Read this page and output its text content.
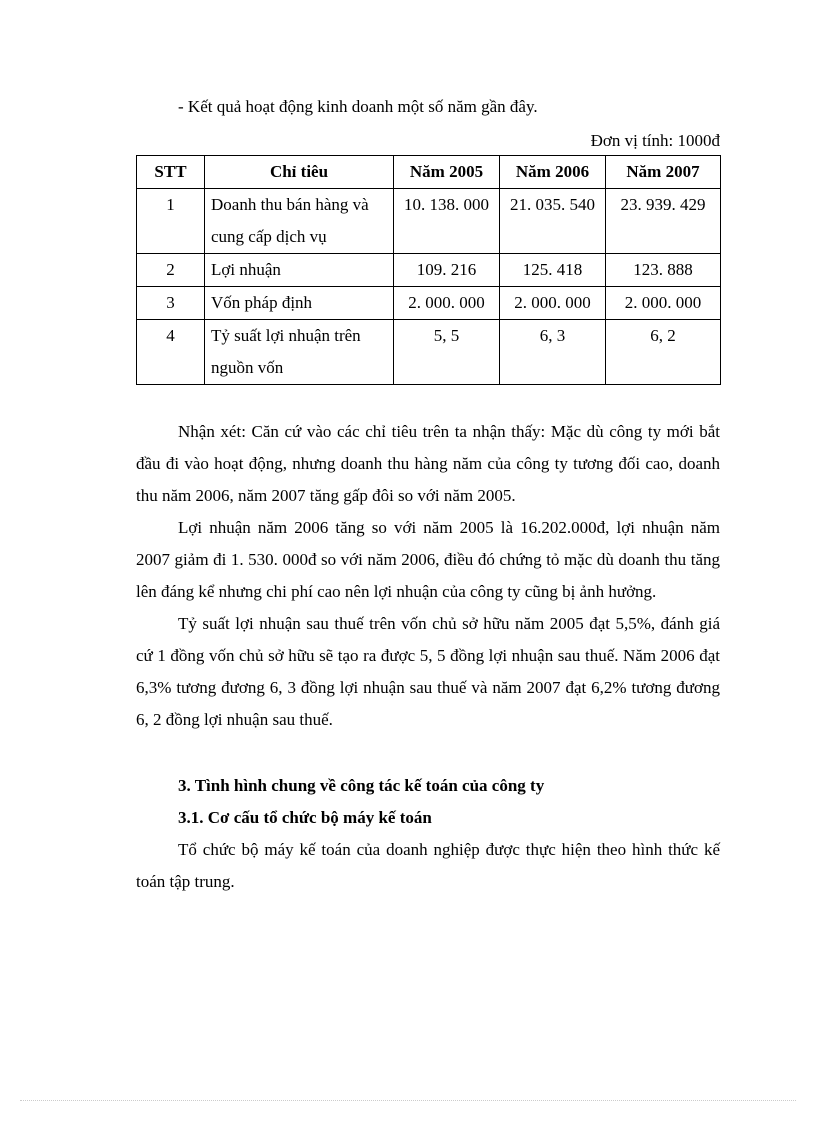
- Kết quả hoạt động kinh doanh một số năm gần đây.
Đơn vị tính: 1000đ
STT	Chỉ tiêu	Năm 2005	Năm 2006	Năm 2007
1	Doanh thu bán hàng và cung cấp dịch vụ	10. 138. 000	21. 035. 540	23. 939. 429
2	Lợi nhuận	109. 216	125. 418	123. 888
3	Vốn pháp định	2. 000. 000	2. 000. 000	2. 000. 000
4	Tỷ suất lợi nhuận trên nguồn vốn	5, 5	6, 3	6, 2

Nhận xét: Căn cứ vào các chỉ tiêu trên ta nhận thấy: Mặc dù công ty mới bắt đầu đi vào hoạt động, nhưng doanh thu hàng năm của công ty tương đối cao, doanh thu năm 2006, năm 2007 tăng gấp đôi so với năm 2005.

Lợi nhuận năm 2006 tăng so với năm 2005 là 16.202.000đ, lợi nhuận năm 2007 giảm đi 1. 530. 000đ so với năm 2006, điều đó chứng tỏ mặc dù doanh thu tăng lên đáng kể nhưng chi phí cao nên lợi nhuận của công ty cũng bị ảnh hưởng.

Tỷ suất lợi nhuận sau thuế trên vốn chủ sở hữu năm 2005 đạt 5,5%, đánh giá cứ 1 đồng vốn chủ sở hữu sẽ tạo ra được 5, 5 đồng lợi nhuận sau thuế. Năm 2006 đạt 6,3% tương đương 6, 3 đồng lợi nhuận sau thuế và năm 2007 đạt 6,2% tương đương 6, 2 đồng lợi nhuận sau thuế.

3. Tình hình chung về công tác kế toán của công ty
3.1. Cơ cấu tổ chức bộ máy kế toán

Tổ chức bộ máy kế toán của doanh nghiệp được thực hiện theo hình thức kế toán tập trung.
